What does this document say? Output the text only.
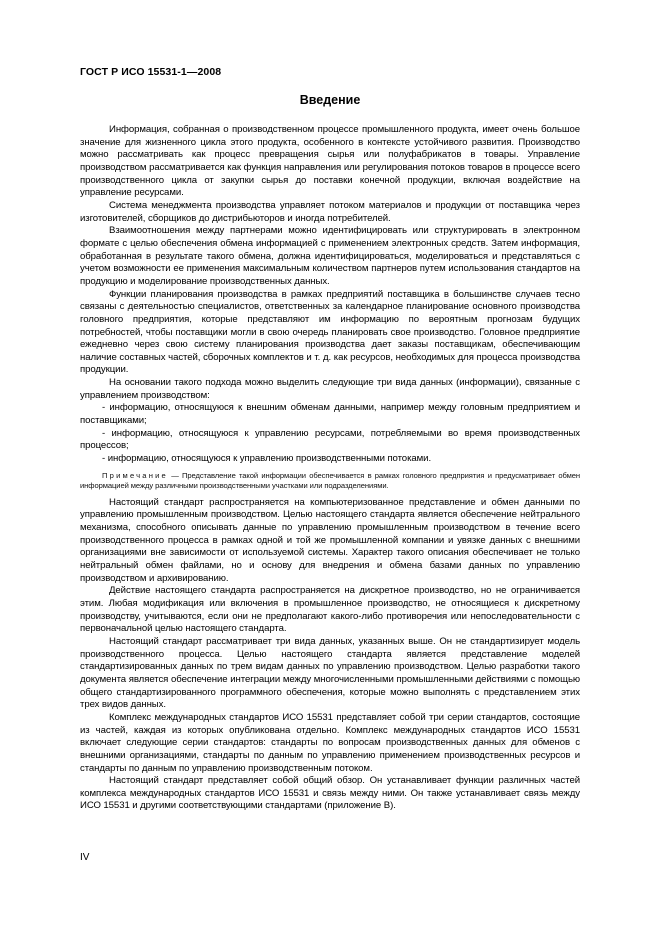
ГОСТ Р ИСО 15531-1—2008
Введение

Информация, собранная о производственном процессе промышленного продукта, имеет очень большое значение для жизненного цикла этого продукта, особенного в контексте устойчивого развития. Производство можно рассматривать как процесс превращения сырья или полуфабрикатов в товары. Управление производством рассматривается как функция направления или регулирования потоков товаров в процессе всего производственного цикла от закупки сырья до поставки конечной продукции, включая воздействие на управление ресурсами.

Система менеджмента производства управляет потоком материалов и продукции от поставщика через изготовителей, сборщиков до дистрибьюторов и иногда потребителей.

Взаимоотношения между партнерами можно идентифицировать или структурировать в электронном формате с целью обеспечения обмена информацией с применением электронных средств. Затем информация, обработанная в результате такого обмена, должна идентифицироваться, моделироваться и представляться с учетом возможности ее применения максимальным количеством партнеров путем использования стандартов на продукцию и моделирование производственных данных.

Функции планирования производства в рамках предприятий поставщика в большинстве случаев тесно связаны с деятельностью специалистов, ответственных за календарное планирование основного производства головного предприятия, которые представляют им информацию по вероятным прогнозам будущих потребностей, чтобы поставщики могли в свою очередь планировать свое производство. Головное предприятие ежедневно через свою систему планирования производства дает заказы поставщикам, обеспечивающим наличие составных частей, сборочных комплектов и т. д. как ресурсов, необходимых для процесса производства продукции.

На основании такого подхода можно выделить следующие три вида данных (информации), связанные с управлением производством:

- информацию, относящуюся к внешним обменам данными, например между головным предприятием и поставщиками;

- информацию, относящуюся к управлению ресурсами, потребляемыми во время производственных процессов;

- информацию, относящуюся к управлению производственными потоками.

Примечание — Представление такой информации обеспечивается в рамках головного предприятия и предусматривает обмен информацией между различными производственными участками или подразделениями.

Настоящий стандарт распространяется на компьютеризованное представление и обмен данными по управлению промышленным производством. Целью настоящего стандарта является обеспечение нейтрального механизма, способного описывать данные по управлению промышленным производством в течение всего производственного процесса в рамках одной и той же промышленной компании и увязке данных с внешними организациями вне зависимости от используемой системы. Характер такого описания обеспечивает не только нейтральный обмен файлами, но и основу для внедрения и обмена базами данных по управлению производством и архивированию.

Действие настоящего стандарта распространяется на дискретное производство, но не ограничивается этим. Любая модификация или включения в промышленное производство, не относящиеся к дискретному производству, учитываются, если они не предполагают какого-либо противоречия или непоследовательности с первоначальной целью настоящего стандарта.

Настоящий стандарт рассматривает три вида данных, указанных выше. Он не стандартизирует модель производственного процесса. Целью настоящего стандарта является представление моделей стандартизированных данных по трем видам данных по управлению производством. Целью разработки такого документа является обеспечение интеграции между многочисленными промышленными действиями с помощью общего стандартизированного программного обеспечения, которые можно выполнять с представлением этих трех видов данных.

Комплекс международных стандартов ИСО 15531 представляет собой три серии стандартов, состоящие из частей, каждая из которых опубликована отдельно. Комплекс международных стандартов ИСО 15531 включает следующие серии стандартов: стандарты по вопросам производственных данных для обменов с внешними организациями, стандарты по данным по управлению применением производственных ресурсов и стандарты по данным по управлению производственным потоком.

Настоящий стандарт представляет собой общий обзор. Он устанавливает функции различных частей комплекса международных стандартов ИСО 15531 и связь между ними. Он также устанавливает связь между ИСО 15531 и другими соответствующими стандартами (приложение В).

IV
